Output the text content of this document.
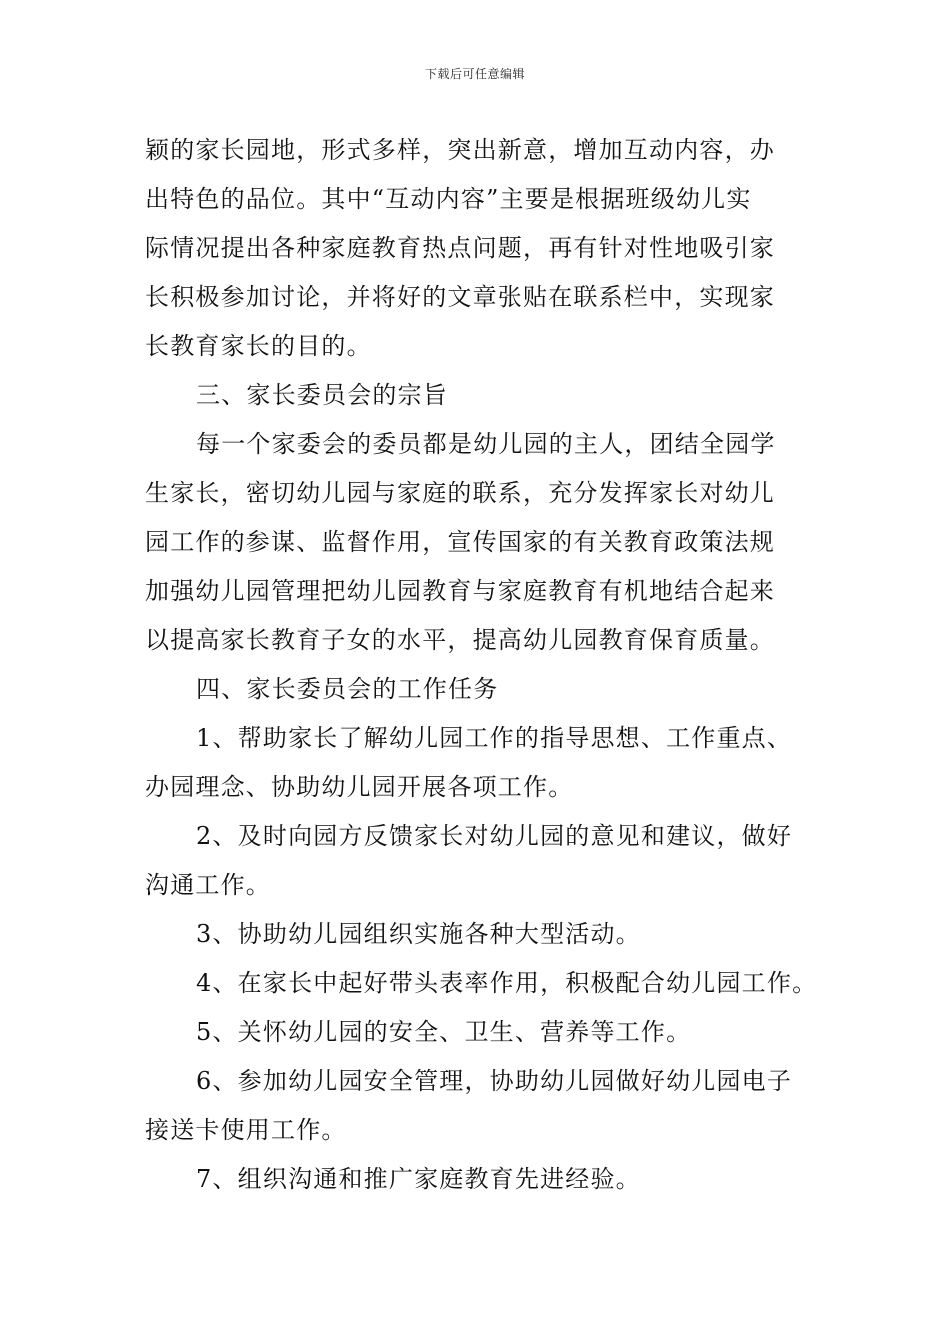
下载后可任意编辑
颖的家长园地，形式多样，突出新意，增加互动内容，办
出特色的品位。其中“互动内容”主要是根据班级幼儿实
际情况提出各种家庭教育热点问题，再有针对性地吸引家
长积极参加讨论，并将好的文章张贴在联系栏中，实现家
长教育家长的目的。
三、家长委员会的宗旨
每一个家委会的委员都是幼儿园的主人，团结全园学
生家长，密切幼儿园与家庭的联系，充分发挥家长对幼儿
园工作的参谋、监督作用，宣传国家的有关教育政策法规
加强幼儿园管理把幼儿园教育与家庭教育有机地结合起来
以提高家长教育子女的水平，提高幼儿园教育保育质量。
四、家长委员会的工作任务
1、帮助家长了解幼儿园工作的指导思想、工作重点、
办园理念、协助幼儿园开展各项工作。
2、及时向园方反馈家长对幼儿园的意见和建议，做好
沟通工作。
3、协助幼儿园组织实施各种大型活动。
4、在家长中起好带头表率作用，积极配合幼儿园工作。
5、关怀幼儿园的安全、卫生、营养等工作。
6、参加幼儿园安全管理，协助幼儿园做好幼儿园电子
接送卡使用工作。
7、组织沟通和推广家庭教育先进经验。
